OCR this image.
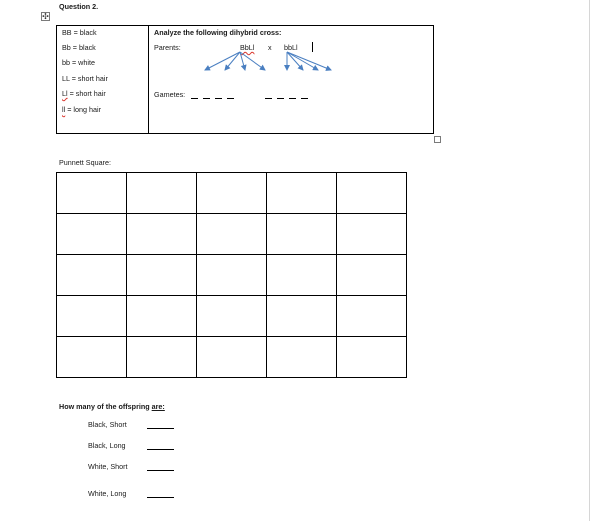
Question 2.
✣
BB = black
Bb = black
bb = white
LL = short hair
Ll = short hair
ll = long hair
Analyze the following dihybrid cross:
Parents:	BbLl x bbLl
Gametes:
Punnett Square:

How many of the offspring are:
Black, Short
Black, Long
White, Short
White, Long
